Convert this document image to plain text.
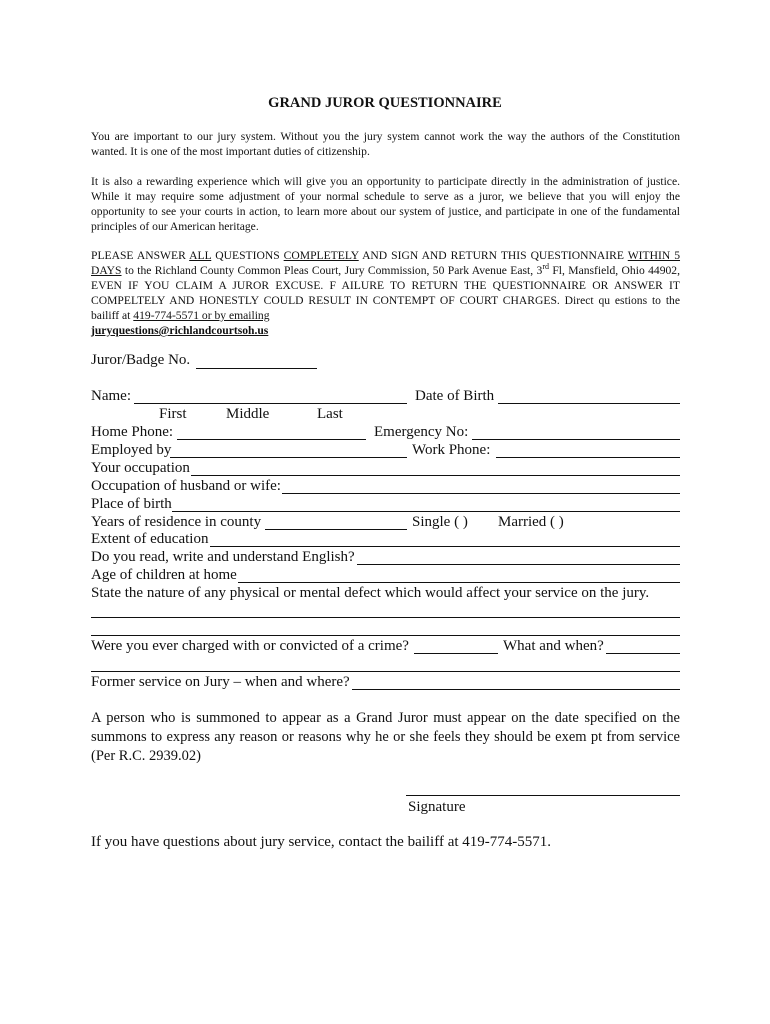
GRAND JUROR QUESTIONNAIRE
You are important to our jury system. Without you the jury system cannot work the way the authors of the Constitution wanted. It is one of the most important duties of citizenship.
It is also a rewarding experience which will give you an opportunity to participate directly in the administration of justice. While it may require some adjustment of your normal schedule to serve as a juror, we believe that you will enjoy the opportunity to see your courts in action, to learn more about our system of justice, and participate in one of the fundamental principles of our American heritage.
PLEASE ANSWER ALL QUESTIONS COMPLETELY AND SIGN AND RETURN THIS QUESTIONNAIRE WITHIN 5 DAYS to the Richland County Common Pleas Court, Jury Commission, 50 Park Avenue East, 3rd Fl, Mansfield, Ohio 44902, EVEN IF YOU CLAIM A JUROR EXCUSE. F AILURE TO RETURN THE QUESTIONNAIRE OR ANSWER IT COMPELTELY AND HONESTLY COULD RESULT IN CONTEMPT OF COURT CHARGES. Direct qu estions to the bailiff at 419-774-5571 or by emailing
juryquestions@richlandcourtsoh.us
Juror/Badge No.
Name:	Date of Birth
First	Middle	Last
Home Phone:	Emergency No:
Employed by	Work Phone:
Your occupation
Occupation of husband or wife:
Place of birth
Years of residence in county	Single ( ) Married ( )
Extent of education
Do you read, write and understand English?
Age of children at home
State the nature of any physical or mental defect which would affect your service on the jury.
Were you ever charged with or convicted of a crime?	What and when?
Former service on Jury – when and where?
A person who is summoned to appear as a Grand Juror must appear on the date specified on the summons to express any reason or reasons why he or she feels they should be exem pt from service (Per R.C. 2939.02)
Signature
If you have questions about jury service, contact the bailiff at 419-774-5571.
